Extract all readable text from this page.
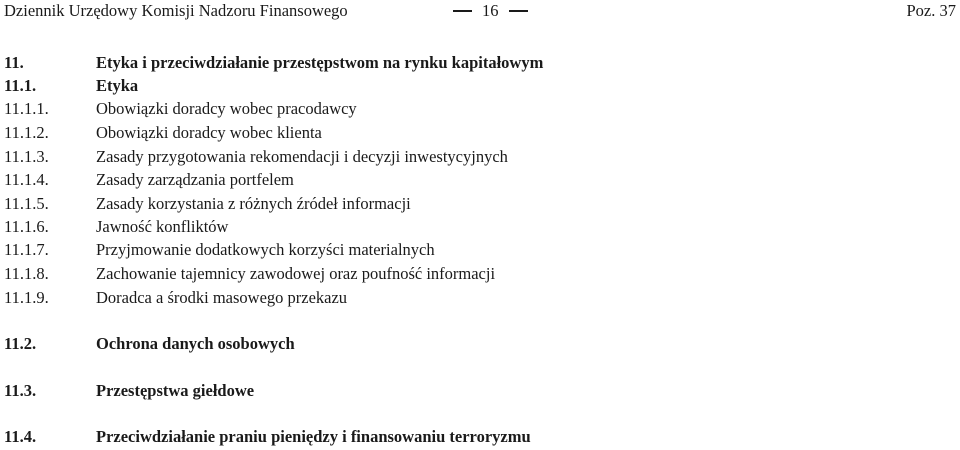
Dziennik Urzędowy Komisji Nadzoru Finansowego	16	Poz. 37
11.	Etyka i przeciwdziałanie przestępstwom na rynku kapitałowym
11.1.	Etyka
11.1.1.	Obowiązki doradcy wobec pracodawcy
11.1.2.	Obowiązki doradcy wobec klienta
11.1.3.	Zasady przygotowania rekomendacji i decyzji inwestycyjnych
11.1.4.	Zasady zarządzania portfelem
11.1.5.	Zasady korzystania z różnych źródeł informacji
11.1.6.	Jawność konfliktów
11.1.7.	Przyjmowanie dodatkowych korzyści materialnych
11.1.8.	Zachowanie tajemnicy zawodowej oraz poufność informacji
11.1.9.	Doradca a środki masowego przekazu
11.2.	Ochrona danych osobowych
11.3.	Przestępstwa giełdowe
11.4.	Przeciwdziałanie praniu pieniędzy i finansowaniu terroryzmu
